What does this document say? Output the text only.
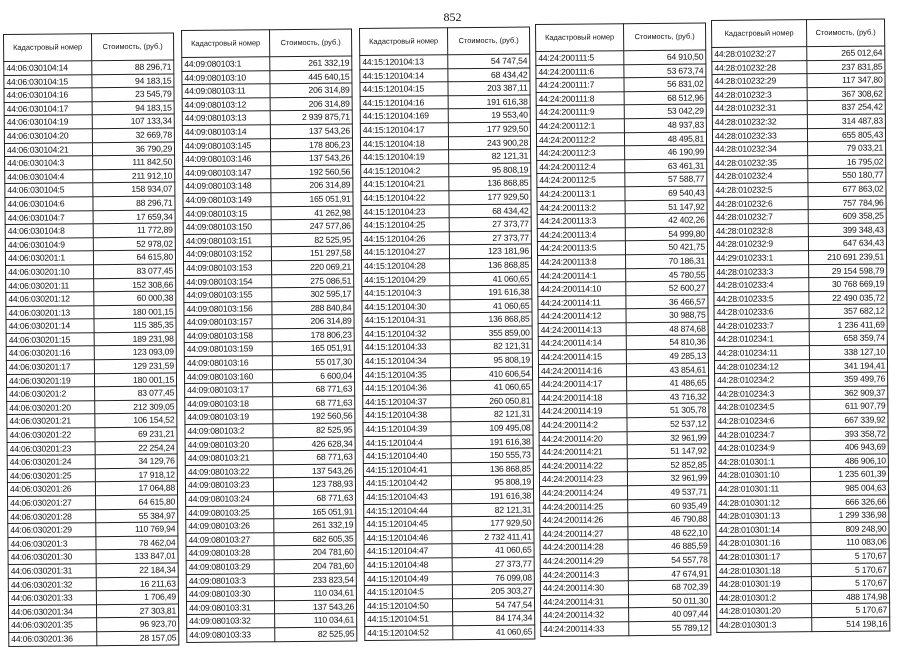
852
Кадастровый номер	Стоимость, (руб.)
44:06:030104:14	88 296,71
44:06:030104:15	94 183,15
44:06:030104:16	23 545,79
44:06:030104:17	94 183,15
44:06:030104:19	107 133,34
44:06:030104:20	32 669,78
44:06:030104:21	36 790,29
44:06:030104:3	111 842,50
44:06:030104:4	211 912,10
44:06:030104:5	158 934,07
44:06:030104:6	88 296,71
44:06:030104:7	17 659,34
44:06:030104:8	11 772,89
44:06:030104:9	52 978,02
44:06:030201:1	64 615,80
44:06:030201:10	83 077,45
44:06:030201:11	152 308,66
44:06:030201:12	60 000,38
44:06:030201:13	180 001,15
44:06:030201:14	115 385,35
44:06:030201:15	189 231,98
44:06:030201:16	123 093,09
44:06:030201:17	129 231,59
44:06:030201:19	180 001,15
44:06:030201:2	83 077,45
44:06:030201:20	212 309,05
44:06:030201:21	106 154,52
44:06:030201:22	69 231,21
44:06:030201:23	22 254,24
44:06:030201:24	34 129,76
44:06:030201:25	17 918,12
44:06:030201:26	17 064,88
44:06:030201:27	64 615,80
44:06:030201:28	55 384,97
44:06:030201:29	110 769,94
44:06:030201:3	78 462,04
44:06:030201:30	133 847,01
44:06:030201:31	22 184,34
44:06:030201:32	16 211,63
44:06:030201:33	1 706,49
44:06:030201:34	27 303,81
44:06:030201:35	96 923,70
44:06:030201:36	28 157,05
Кадастровый номер	Стоимость, (руб.)
44:09:080103:1	261 332,19
44:09:080103:10	445 640,15
44:09:080103:11	206 314,89
44:09:080103:12	206 314,89
44:09:080103:13	2 939 875,71
44:09:080103:14	137 543,26
44:09:080103:145	178 806,23
44:09:080103:146	137 543,26
44:09:080103:147	192 560,56
44:09:080103:148	206 314,89
44:09:080103:149	165 051,91
44:09:080103:15	41 262,98
44:09:080103:150	247 577,86
44:09:080103:151	82 525,95
44:09:080103:152	151 297,58
44:09:080103:153	220 069,21
44:09:080103:154	275 086,51
44:09:080103:155	302 595,17
44:09:080103:156	288 840,84
44:09:080103:157	206 314,89
44:09:080103:158	178 806,23
44:09:080103:159	165 051,91
44:09:080103:16	55 017,30
44:09:080103:160	6 600,04
44:09:080103:17	68 771,63
44:09:080103:18	68 771,63
44:09:080103:19	192 560,56
44:09:080103:2	82 525,95
44:09:080103:20	426 628,34
44:09:080103:21	68 771,63
44:09:080103:22	137 543,26
44:09:080103:23	123 788,93
44:09:080103:24	68 771,63
44:09:080103:25	165 051,91
44:09:080103:26	261 332,19
44:09:080103:27	682 605,35
44:09:080103:28	204 781,60
44:09:080103:29	204 781,60
44:09:080103:3	233 823,54
44:09:080103:30	110 034,61
44:09:080103:31	137 543,26
44:09:080103:32	110 034,61
44:09:080103:33	82 525,95
Кадастровый номер	Стоимость, (руб.)
44:15:120104:13	54 747,54
44:15:120104:14	68 434,42
44:15:120104:15	203 387,11
44:15:120104:16	191 616,38
44:15:120104:169	19 553,40
44:15:120104:17	177 929,50
44:15:120104:18	243 900,28
44:15:120104:19	82 121,31
44:15:120104:2	95 808,19
44:15:120104:21	136 868,85
44:15:120104:22	177 929,50
44:15:120104:23	68 434,42
44:15:120104:25	27 373,77
44:15:120104:26	27 373,77
44:15:120104:27	123 181,96
44:15:120104:28	136 868,85
44:15:120104:29	41 060,65
44:15:120104:3	191 616,38
44:15:120104:30	41 060,65
44:15:120104:31	136 868,85
44:15:120104:32	355 859,00
44:15:120104:33	82 121,31
44:15:120104:34	95 808,19
44:15:120104:35	410 606,54
44:15:120104:36	41 060,65
44:15:120104:37	260 050,81
44:15:120104:38	82 121,31
44:15:120104:39	109 495,08
44:15:120104:4	191 616,38
44:15:120104:40	150 555,73
44:15:120104:41	136 868,85
44:15:120104:42	95 808,19
44:15:120104:43	191 616,38
44:15:120104:44	82 121,31
44:15:120104:45	177 929,50
44:15:120104:46	2 732 411,41
44:15:120104:47	41 060,65
44:15:120104:48	27 373,77
44:15:120104:49	76 099,08
44:15:120104:5	205 303,27
44:15:120104:50	54 747,54
44:15:120104:51	84 174,34
44:15:120104:52	41 060,65
Кадастровый номер	Стоимость, (руб.)
44:24:200111:5	64 910,50
44:24:200111:6	53 673,74
44:24:200111:7	56 831,02
44:24:200111:8	68 512,96
44:24:200111:9	53 042,29
44:24:200112:1	48 937,83
44:24:200112:2	48 495,81
44:24:200112:3	46 190,99
44:24:200112:4	63 461,31
44:24:200112:5	57 588,77
44:24:200113:1	69 540,43
44:24:200113:2	51 147,92
44:24:200113:3	42 402,26
44:24:200113:4	54 999,80
44:24:200113:5	50 421,75
44:24:200113:8	70 186,31
44:24:200114:1	45 780,55
44:24:200114:10	52 600,27
44:24:200114:11	36 466,57
44:24:200114:12	30 988,75
44:24:200114:13	48 874,68
44:24:200114:14	54 810,36
44:24:200114:15	49 285,13
44:24:200114:16	43 854,61
44:24:200114:17	41 486,65
44:24:200114:18	43 716,32
44:24:200114:19	51 305,78
44:24:200114:2	52 537,12
44:24:200114:20	32 961,99
44:24:200114:21	51 147,92
44:24:200114:22	52 852,85
44:24:200114:23	32 961,99
44:24:200114:24	49 537,71
44:24:200114:25	60 935,49
44:24:200114:26	46 790,88
44:24:200114:27	48 622,10
44:24:200114:28	46 885,59
44:24:200114:29	54 557,78
44:24:200114:3	47 674,91
44:24:200114:30	68 702,39
44:24:200114:31	50 011,30
44:24:200114:32	40 097,44
44:24:200114:33	55 789,12
Кадастровый номер	Стоимость, (руб.)
44:28:010232:27	265 012,64
44:28:010232:28	237 831,85
44:28:010232:29	117 347,80
44:28:010232:3	367 308,62
44:28:010232:31	837 254,42
44:28:010232:32	314 487,83
44:28:010232:33	655 805,43
44:28:010232:34	79 033,21
44:28:010232:35	16 795,02
44:28:010232:4	550 180,77
44:28:010232:5	677 863,02
44:28:010232:6	757 784,96
44:28:010232:7	609 358,25
44:28:010232:8	399 348,43
44:28:010232:9	647 634,43
44:29:010233:1	210 691 239,51
44:28:010233:3	29 154 598,79
44:28:010233:4	30 768 669,19
44:28:010233:5	22 490 035,72
44:28:010233:6	357 682,12
44:28:010233:7	1 236 411,69
44:28:010234:1	658 359,74
44:28:010234:11	338 127,10
44:28:010234:12	341 194,41
44:28:010234:2	359 499,76
44:28:010234:3	362 909,37
44:28:010234:5	611 907,79
44:28:010234:6	667 339,92
44:28:010234:7	393 358,72
44:28:010234:9	406 943,69
44:28:010301:1	486 906,10
44:28:010301:10	1 235 601,39
44:28:010301:11	985 004,63
44:28:010301:12	666 326,66
44:28:010301:13	1 299 336,98
44:28:010301:14	809 248,90
44:28:010301:16	110 083,06
44:28:010301:17	5 170,67
44:28:010301:18	5 170,67
44:28:010301:19	5 170,67
44:28:010301:2	488 174,98
44:28:010301:20	5 170,67
44:28:010301:3	514 198,16
